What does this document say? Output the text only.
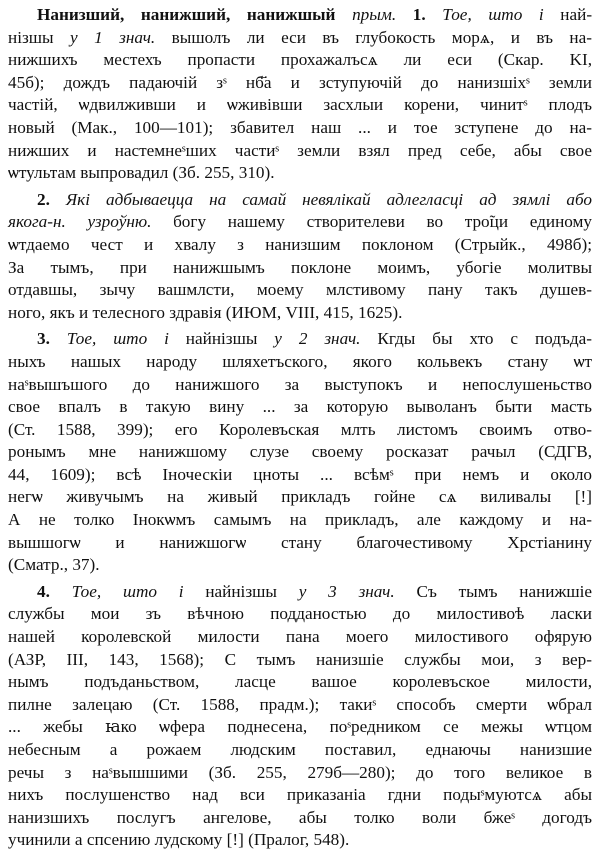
Нанизший, нанижший, нанижшый прым. 1. Тое, што і най-
нізшы у 1 знач. вышолъ ли еси въ глубокость морѧ, и въ на-
нижшихъ местехъ пропасти прохажалъсѧ ли еси (Скар. KI,
45б); дождъ падаючій зˢ нб҃а и зступуючій до нанизшіхˢ земли
частій, ѡдвилживши и ѡживівши засхлыи корени, чинитˢ плодъ
новый (Мак., 100—101); збавител наш ... и тое зступене до на-
нижших и настемнеˢших частиˢ земли взял пред себе, абы свое
ѡтультам выпровадил (Зб. 255, 310).
2. Які адбываецца на самай невялікай адлегласці ад зямлі або
якога-н. узроўню. богу нашему створителеви во тро̃ци единому
ѡтдаемо чест и хвалу з нанизшим поклоном (Стрыйк., 498б);
За тымъ, при нанижшымъ поклоне моимъ, убогіе молитвы
отдавшы, зычу вашмлсти, моему млстивому пану такъ душев-
ного, якъ и телесного здравія (ИЮМ, VIII, 415, 1625).
3. Тое, што і найнізшы у 2 знач. Кгды бы хто с подъда-
ныхъ нашых народу шляхетъского, якого кольвекъ стану ѡт
наˢвышъшого до нанижшого за выступокъ и непослушеньство
свое впалъ в такую вину ... за которую выволанъ быти масть
(Ст. 1588, 399); его Королевъская млть листомъ своимъ отво-
ронымъ мне нанижшому слузе своему росказат рачыл (СДГВ,
44, 1609); всѣ Іноческіи цноты ... всѣмˢ при немъ и около
негѡ живучымъ на живый прикладъ гойне сѧ виливалы [!]
А не толко Інокѡмъ самымъ на прикладъ, але каждому и на-
вышшогѡ и нанижшогѡ стану благочестивому Хрстіанину
(Сматр., 37).
4. Тое, што і найнізшы у 3 знач. Съ тымъ нанижшіе
службы мои зъ вѣчною подданостью до милостивоѣ ласки
нашей королевской милости пана моего милостивого офярую
(АЗР, III, 143, 1568); С тымъ нанизшіе службы мои, з вер-
нымъ подъданьством, ласце вашое королевъское милости,
пилне залецаю (Ст. 1588, прадм.); такиˢ способъ смерти ѡбрал
... жебы ꙗко ѡфера поднесена, поˢредником се межы ѡтцом
небесным а рожаем людским поставил, еднаючы нанизшие
речы з наˢвышшими (Зб. 255, 279б—280); до того великое в
нихъ послушенство над вси приказаніа гдни подыˢмуютсѧ абы
нанизшихъ послугъ ангелове, абы толко воли бжеˢ догодъ
учинили а спсению лудскому [!] (Пралог, 548).
